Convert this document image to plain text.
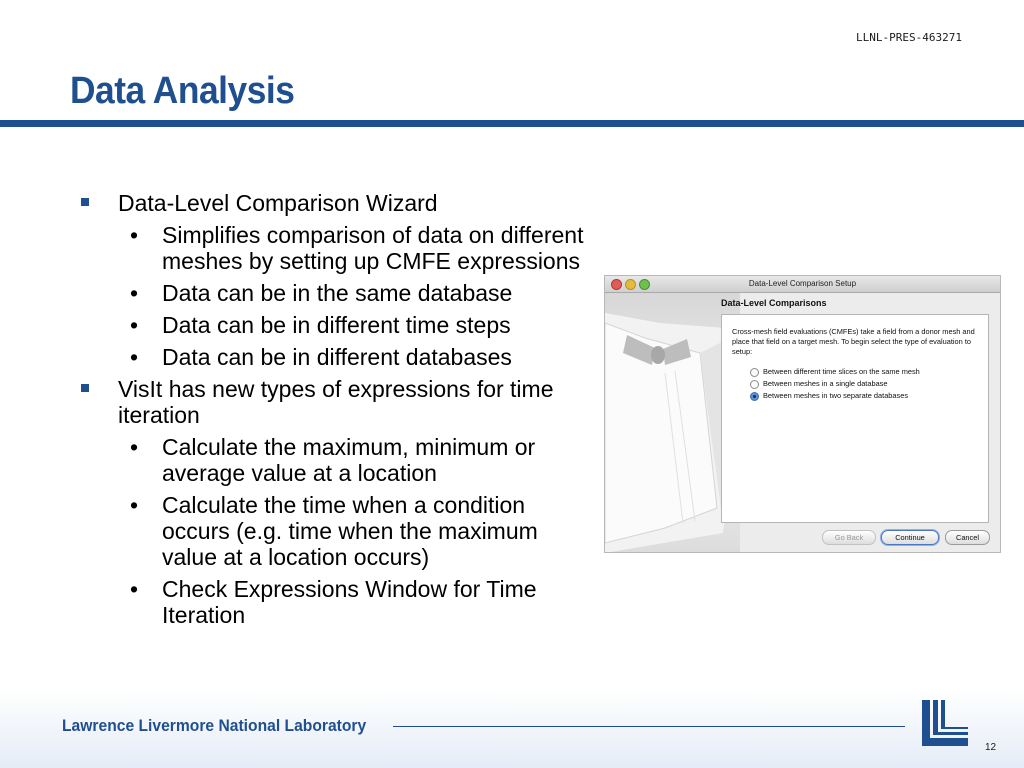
LLNL-PRES-463271
Data Analysis
Data-Level Comparison Wizard
• Simplifies comparison of data on different meshes by setting up CMFE expressions
• Data can be in the same database
• Data can be in different time steps
• Data can be in different databases
VisIt has new types of expressions for time iteration
• Calculate the maximum, minimum or average value at a location
• Calculate the time when a condition occurs (e.g. time when the maximum value at a location occurs)
• Check Expressions Window for Time Iteration
Data-Level Comparison Setup
Data-Level Comparisons
Cross-mesh field evaluations (CMFEs) take a field from a donor mesh and place that field on a target mesh. To begin select the type of evaluation to setup:
Between different time slices on the same mesh
Between meshes in a single database
Between meshes in two separate databases
Go Back	Continue	Cancel
Lawrence Livermore National Laboratory
12
